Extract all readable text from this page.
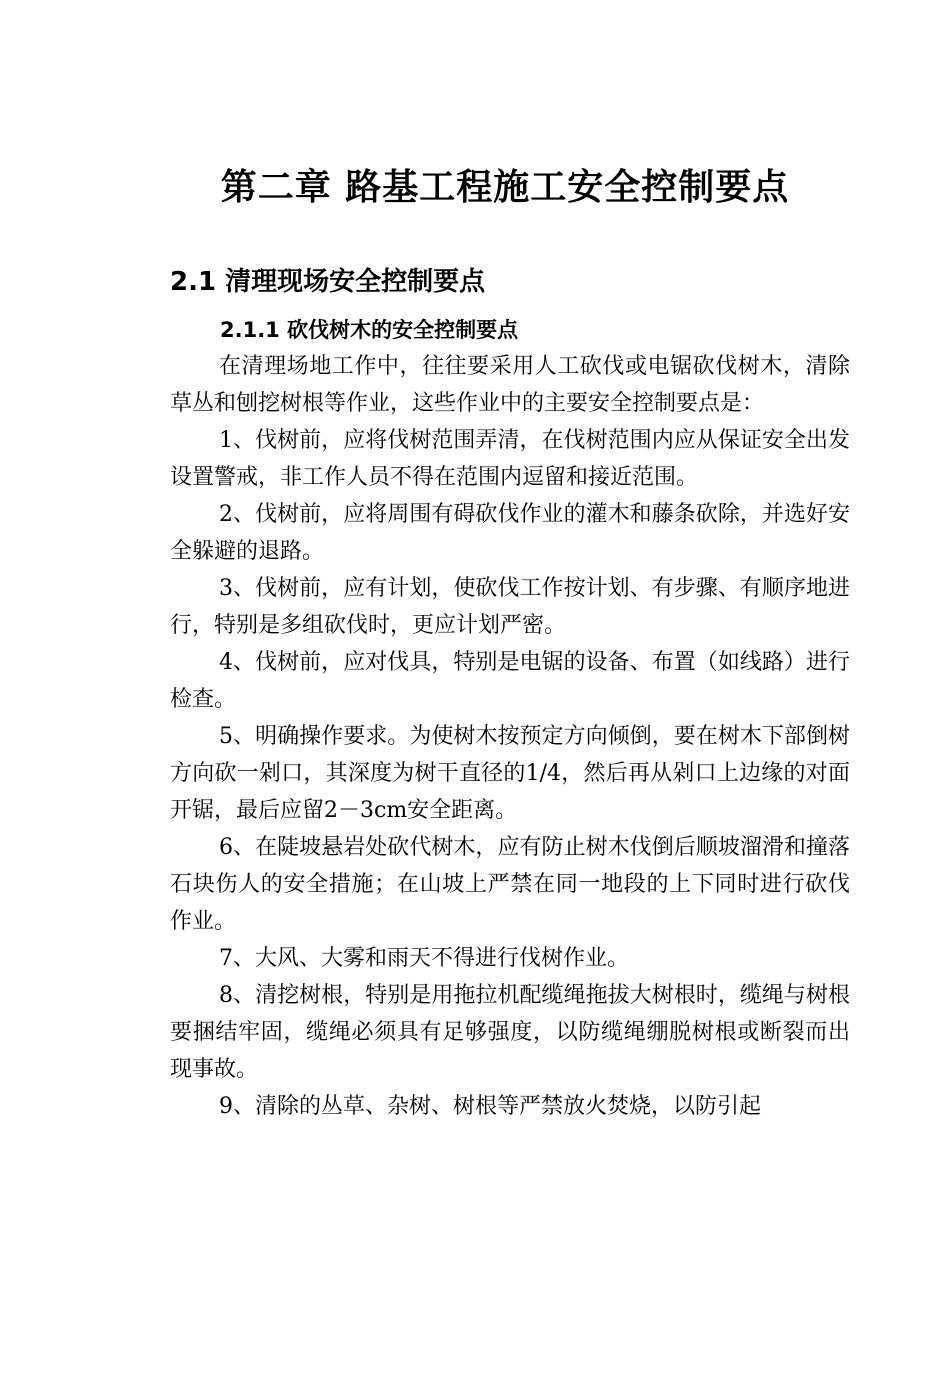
第二章 路基工程施工安全控制要点
2.1 清理现场安全控制要点
2.1.1 砍伐树木的安全控制要点

在清理场地工作中，往往要采用人工砍伐或电锯砍伐树木，清除草丛和刨挖树根等作业，这些作业中的主要安全控制要点是：

1、伐树前，应将伐树范围弄清，在伐树范围内应从保证安全出发设置警戒，非工作人员不得在范围内逗留和接近范围。

2、伐树前，应将周围有碍砍伐作业的灌木和藤条砍除，并选好安全躲避的退路。

3、伐树前，应有计划，使砍伐工作按计划、有步骤、有顺序地进行，特别是多组砍伐时，更应计划严密。

4、伐树前，应对伐具，特别是电锯的设备、布置（如线路）进行检查。

5、明确操作要求。为使树木按预定方向倾倒，要在树木下部倒树方向砍一剁口，其深度为树干直径的1/4，然后再从剁口上边缘的对面开锯，最后应留2－3cm安全距离。

6、在陡坡悬岩处砍代树木，应有防止树木伐倒后顺坡溜滑和撞落石块伤人的安全措施；在山坡上严禁在同一地段的上下同时进行砍伐作业。

7、大风、大雾和雨天不得进行伐树作业。

8、清挖树根，特别是用拖拉机配缆绳拖拔大树根时，缆绳与树根要捆结牢固，缆绳必须具有足够强度，以防缆绳绷脱树根或断裂而出现事故。

9、清除的丛草、杂树、树根等严禁放火焚烧，以防引起
